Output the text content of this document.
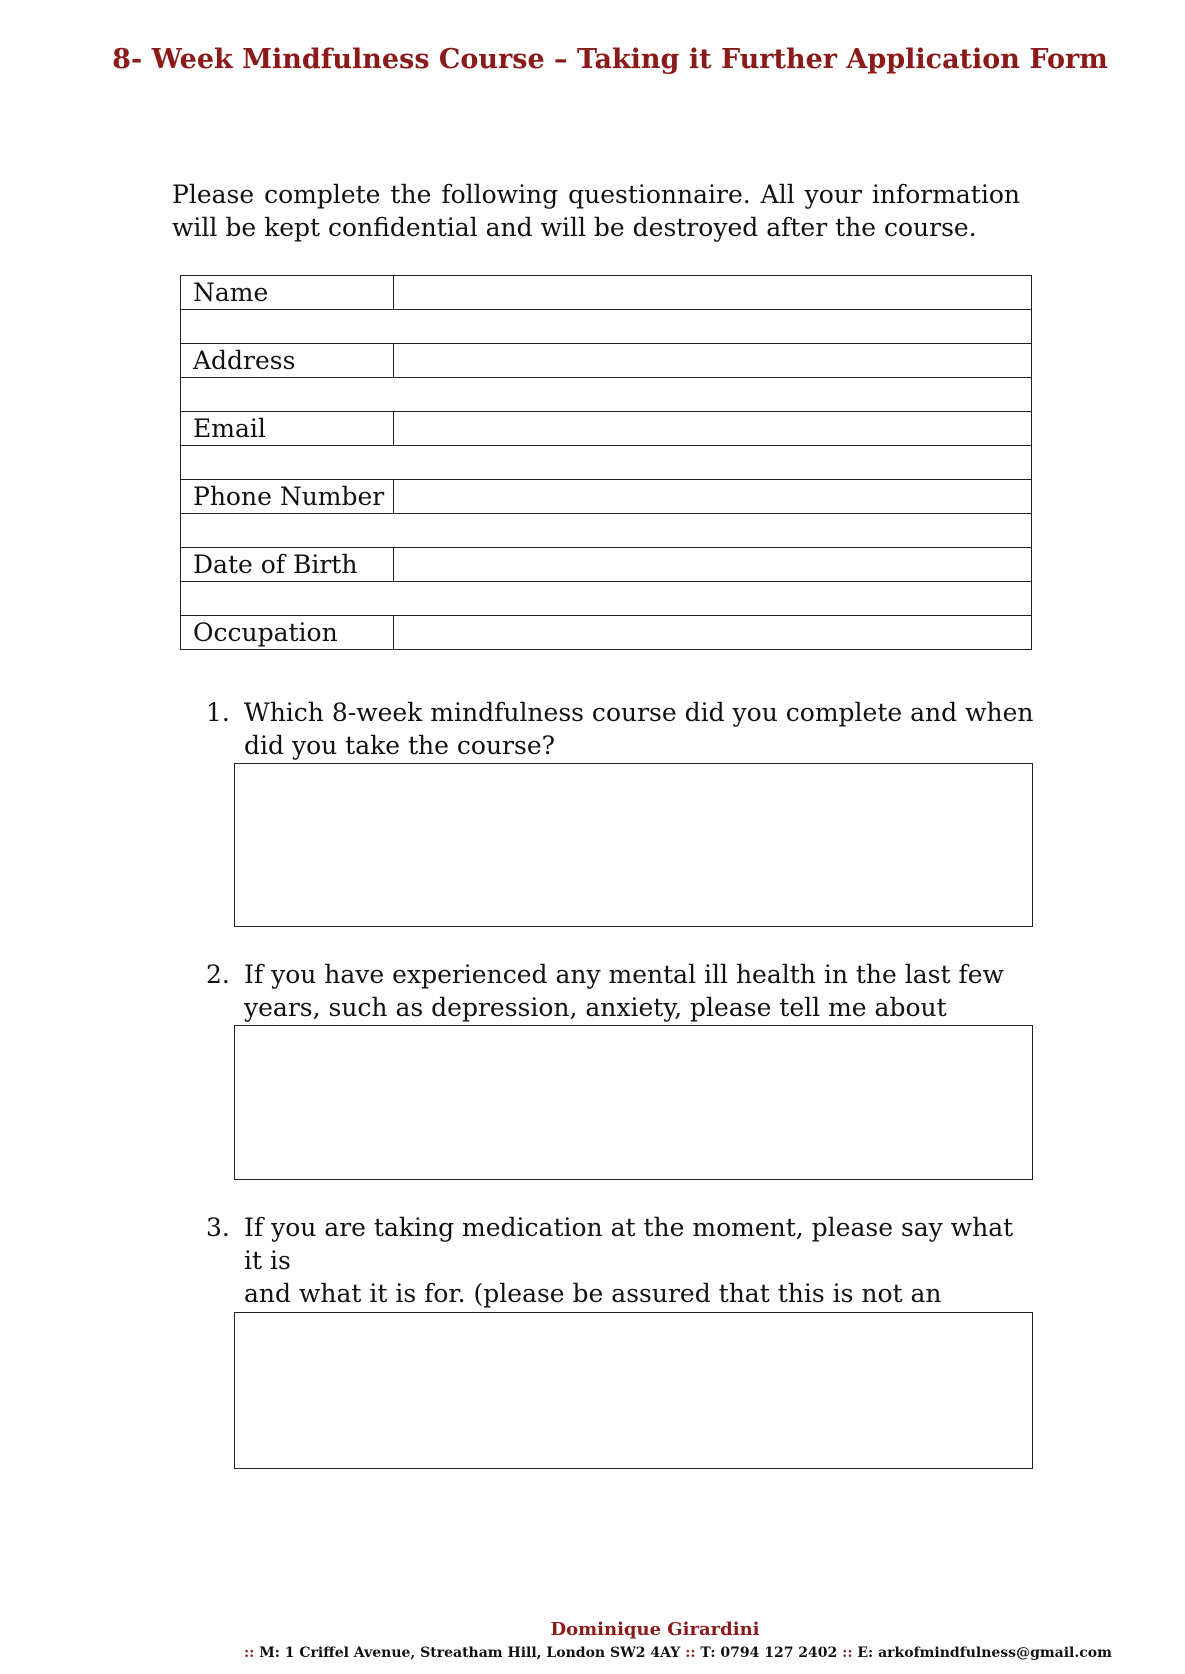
8- Week Mindfulness Course – Taking it Further Application Form
Please complete the following questionnaire. All your information
will be kept confidential and will be destroyed after the course.
Name	

Address	

Email	

Phone Number	

Date of Birth	

Occupation	
1. Which 8-week mindfulness course did you complete and when
did you take the course?
2. If you have experienced any mental ill health in the last few
years, such as depression, anxiety, please tell me about
3. If you are taking medication at the moment, please say what it is
and what it is for. (please be assured that this is not an
Dominique Girardini
:: M: 1 Criffel Avenue, Streatham Hill, London SW2 4AY :: T: 0794 127 2402 :: E: arkofmindfulness@gmail.com
